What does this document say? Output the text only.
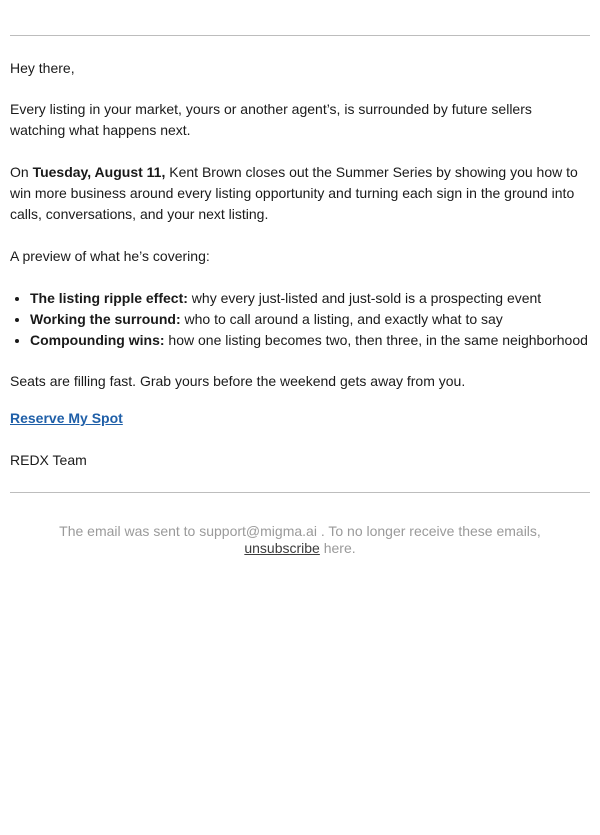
Hey there,

Every listing in your market, yours or another agent’s, is surrounded by future sellers watching what happens next.

On Tuesday, August 11, Kent Brown closes out the Summer Series by showing you how to win more business around every listing opportunity and turning each sign in the ground into calls, conversations, and your next listing.

A preview of what he’s covering:

• The listing ripple effect: why every just-listed and just-sold is a prospecting event
• Working the surround: who to call around a listing, and exactly what to say
• Compounding wins: how one listing becomes two, then three, in the same neighborhood

Seats are filling fast. Grab yours before the weekend gets away from you.

Reserve My Spot

REDX Team

The email was sent to support@migma.ai . To no longer receive these emails,
unsubscribe here.
